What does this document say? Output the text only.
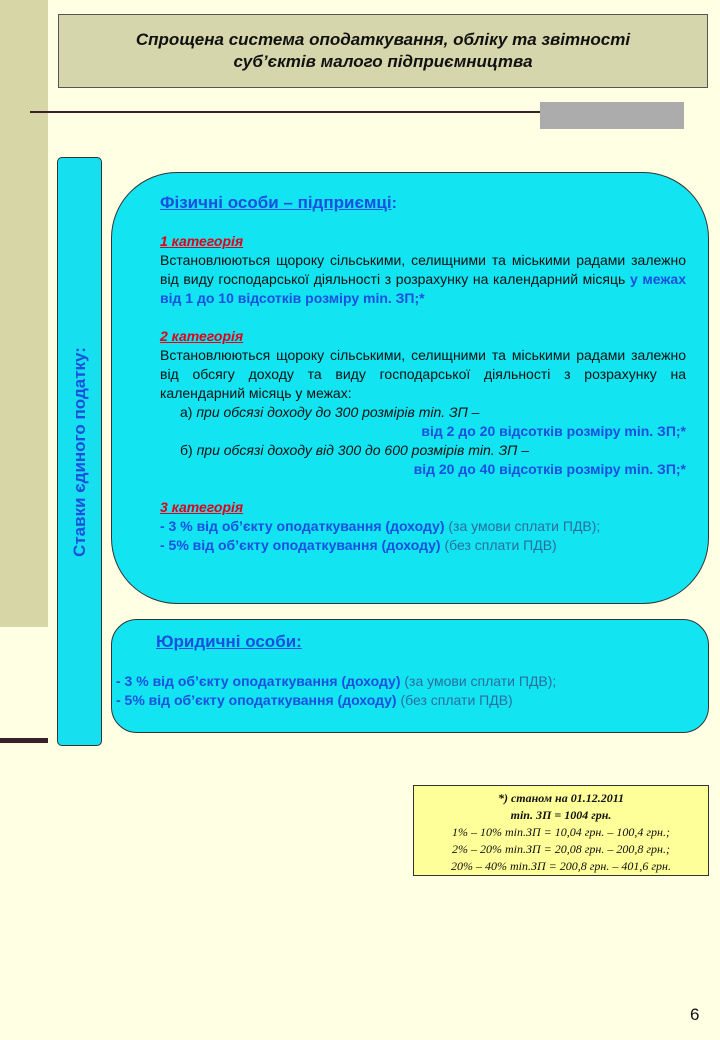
Спрощена система оподаткування, обліку та звітності
суб’єктів малого підприємництва
Ставки єдиного податку:
Фізичні особи – підприємці:
1 категорія
Встановлюються щороку сільськими, селищними та міськими радами залежно від виду господарської діяльності з розрахунку на календарний місяць у межах від 1 до 10 відсотків розміру min. ЗП;*
2 категорія
Встановлюються щороку сільськими, селищними та міськими радами залежно від обсягу доходу та виду господарської діяльності з розрахунку на календарний місяць у межах:
а) при обсязі доходу до 300 розмірів min. ЗП –
від 2 до 20 відсотків розміру min. ЗП;*
б) при обсязі доходу від 300 до 600 розмірів min. ЗП –
від 20 до 40 відсотків розміру min. ЗП;*
3 категорія
- 3 % від об’єкту оподаткування (доходу) (за умови сплати ПДВ);
- 5% від об’єкту оподаткування (доходу) (без сплати ПДВ)
Юридичні особи:
- 3 % від об’єкту оподаткування (доходу) (за умови сплати ПДВ);
- 5% від об’єкту оподаткування (доходу) (без сплати ПДВ)
*) станом на 01.12.2011
min. ЗП = 1004 грн.
1% – 10% min.ЗП = 10,04 грн. – 100,4 грн.;
2% – 20% min.ЗП = 20,08 грн. – 200,8 грн.;
20% – 40% min.ЗП = 200,8 грн. – 401,6 грн.
6
